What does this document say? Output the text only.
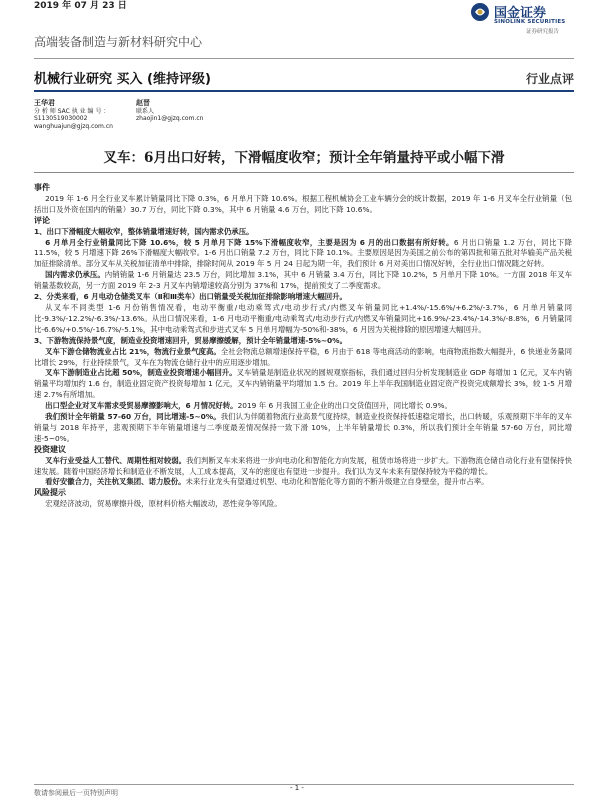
2019 年 07 月 23 日	国金证券
SINOLINK SECURITIES
证券研究报告
高端装备制造与新材料研究中心
机械行业研究 买入 (维持评级)	行业点评
王华君
分 析 师 SAC 执 业 编 号 ：
S1130519030002
wanghuajun@gjzq.com.cn
赵晋
联系人
zhaojin1@gjzq.com.cn
叉车：6月出口好转，下滑幅度收窄；预计全年销量持平或小幅下滑
事件

2019 年 1-6 月全行业叉车累计销量同比下降 0.3%，6 月单月下降 10.6%。根据工程机械协会工业车辆分会的统计数据，2019 年 1-6 月叉车全行业销量（包括出口及外资在国内的销量）30.7 万台，同比下降 0.3%，其中 6 月销量 4.6 万台，同比下降 10.6%。

评论
1、出口下滑幅度大幅收窄，整体销量增速好转，国内需求仍承压。

6 月单月全行业销量同比下降 10.6%，较 5 月单月下降 15%下滑幅度收窄，主要是因为 6 月的出口数据有所好转。6 月出口销量 1.2 万台，同比下降 11.5%，较 5 月增速下降 26%下滑幅度大幅收窄。1-6 月出口销量 7.2 万台，同比下降 10.1%。主要原因是因为美国之前公布的第四批和第五批对华输美产品关税加征排除清单。部分叉车从关税加征清单中排除，排除时间从 2019 年 5 月 24 日起为期一年，我们预计 6 月对美出口情况好转，全行业出口情况随之好转。

国内需求仍承压。内销销量 1-6 月销量达 23.5 万台，同比增加 3.1%，其中 6 月销量 3.4 万台，同比下降 10.2%，5 月单月下降 10%。一方面 2018 年叉车销量基数较高，另一方面 2019 年 2-3 月叉车内销增速较高分别为 37%和 17%，提前预支了二季度需求。

2、分类来看，6 月电动仓储类叉车（Ⅱ和Ⅲ类车）出口销量受关税加征排除影响增速大幅回升。

从叉车不同类型 1-6 月份销售情况看，电动平衡重/电动乘驾式/电动步行式/内燃叉车销量同比+1.4%/-15.6%/+6.2%/-3.7%，6 月单月销量同比-9.3%/-12.2%/-6.3%/-13.6%。从出口情况来看，1-6 月电动平衡重/电动乘驾式/电动步行式/内燃叉车销量同比+16.9%/-23.4%/-14.3%/-8.8%，6 月销量同比-6.6%/+0.5%/-16.7%/-5.1%，其中电动乘驾式和步进式叉车 5 月单月增幅为-50%和-38%，6 月因为关税排除的原因增速大幅回升。

3、下游物流保持景气度，制造业投资增速回升，贸易摩擦缓解，预计全年销量增速-5%~0%。

叉车下游仓储物流业占比 21%，物流行业景气度高。全社会物流总额增速保持平稳，6 月由于 618 等电商活动的影响，电商物流指数大幅提升，6 快递业务量同比增长 29%，行业持续景气，叉车在为物流仓储行业中的应用逐步增加。

叉车下游制造业占比超 50%，制造业投资增速小幅回升。叉车销量是制造业状况的圆规观察指标，我们通过回归分析发现制造业 GDP 每增加 1 亿元，叉车内销销量平均增加约 1.6 台，制造业固定资产投资每增加 1 亿元，叉车内销销量平均增加 1.5 台。2019 年上半年我国制造业固定资产投资完成额增长 3%，较 1-5 月增速 2.7%有所增加。

出口型企业对叉车需求受贸易摩擦影响大，6 月情况好转。2019 年 6 月我国工业企业的出口交货值回升，同比增长 0.9%。

我们预计全年销量 57-60 万台，同比增速-5~0%。我们认为伴随着物流行业高景气度持续，制造业投资保持低速稳定增长，出口转暖，乐观预期下半年的叉车销量与 2018 年持平，悲观预期下半年销量增速与二季度最差情况保持一致下滑 10%，上半年销量增长 0.3%，所以我们预计全年销量 57-60 万台，同比增速-5~0%。

投资建议

叉车行业受益人工替代、周期性相对较弱。我们判断叉车未来将进一步向电动化和智能化方向发展，租赁市场将进一步扩大。下游物流仓储自动化行业有望保持快速发展。随着中国经济增长和制造业不断发展，人工成本提高，叉车的密度也有望进一步提升。我们认为叉车未来有望保持较为平稳的增长。

看好安徽合力，关注杭叉集团、诺力股份。未来行业龙头有望通过机型、电动化和智能化等方面的不断升级建立自身壁垒，提升市占率。

风险提示

宏观经济波动，贸易摩擦升级，原材料价格大幅波动，恶性竞争等风险。

- 1 -
敬请参阅最后一页特别声明
